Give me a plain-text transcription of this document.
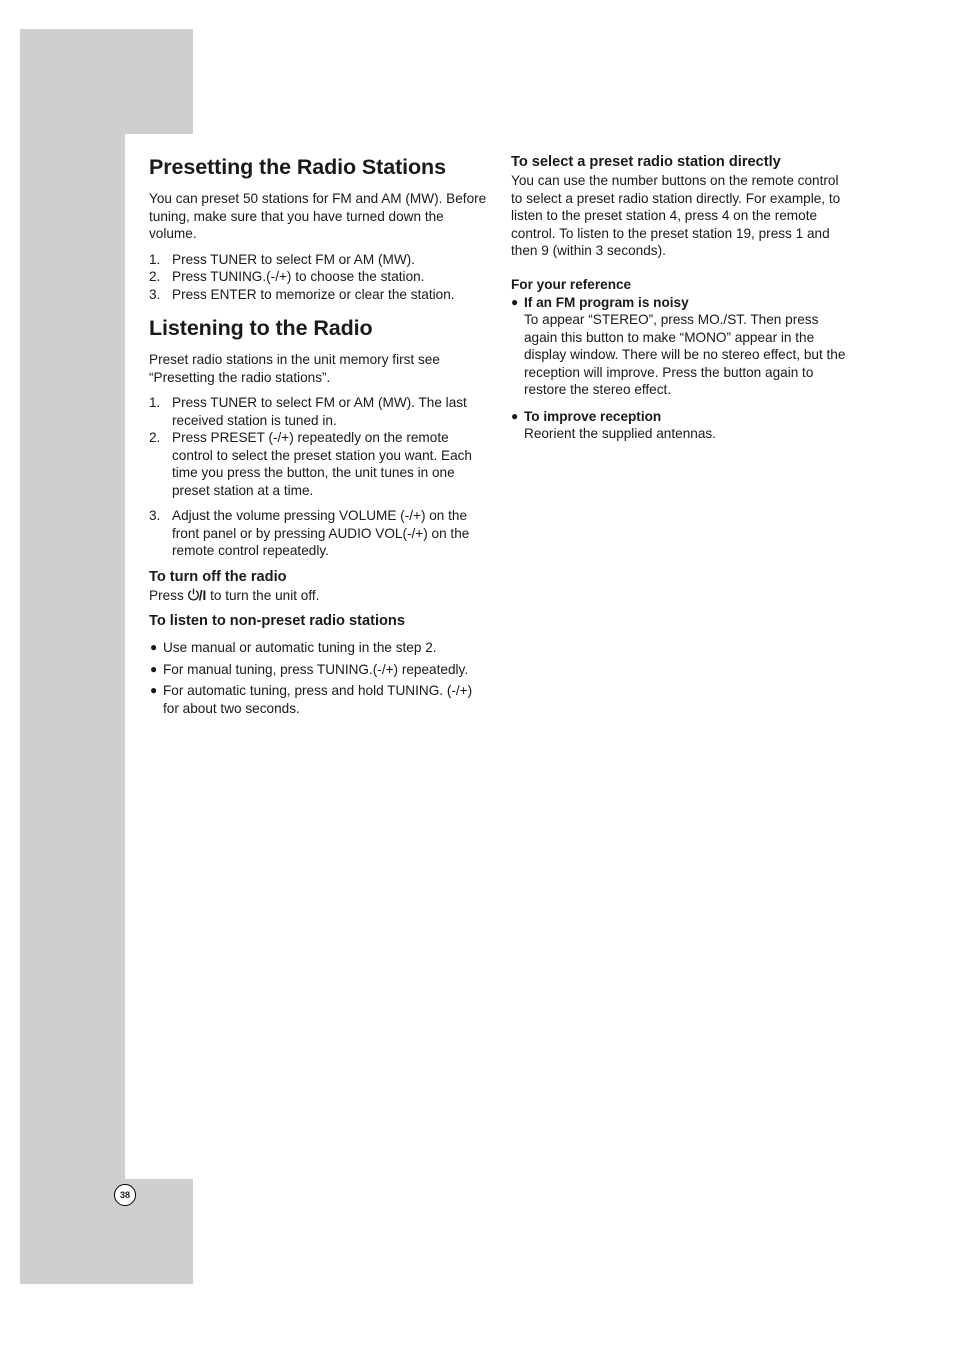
Presetting the Radio Stations

You can preset 50 stations for FM and AM (MW). Before tuning, make sure that you have turned down the volume.

1. Press TUNER to select FM or AM (MW).
2. Press TUNING.(-/+) to choose the station.
3. Press ENTER to memorize or clear the station.
Listening to the Radio

Preset radio stations in the unit memory first see “Presetting the radio stations”.

1. Press TUNER to select FM or AM (MW). The last received station is tuned in.
2. Press PRESET (-/+) repeatedly on the remote control to select the preset station you want. Each time you press the button, the unit tunes in one preset station at a time.
3. Adjust the volume pressing VOLUME (-/+) on the front panel or by pressing AUDIO VOL(-/+) on the remote control repeatedly.
To turn off the radio

Press /I to turn the unit off.

To listen to non-preset radio stations
● Use manual or automatic tuning in the step 2.
● For manual tuning, press TUNING.(-/+) repeatedly.
● For automatic tuning, press and hold TUNING. (-/+) for about two seconds.
To select a preset radio station directly

You can use the number buttons on the remote control to select a preset radio station directly. For example, to listen to the preset station 4, press 4 on the remote control. To listen to the preset station 19, press 1 and then 9 (within 3 seconds).

For your reference
● If an FM program is noisy
To appear “STEREO”, press MO./ST. Then press again this button to make “MONO” appear in the display window. There will be no stereo effect, but the reception will improve. Press the button again to restore the stereo effect.
● To improve reception
Reorient the supplied antennas.
38
